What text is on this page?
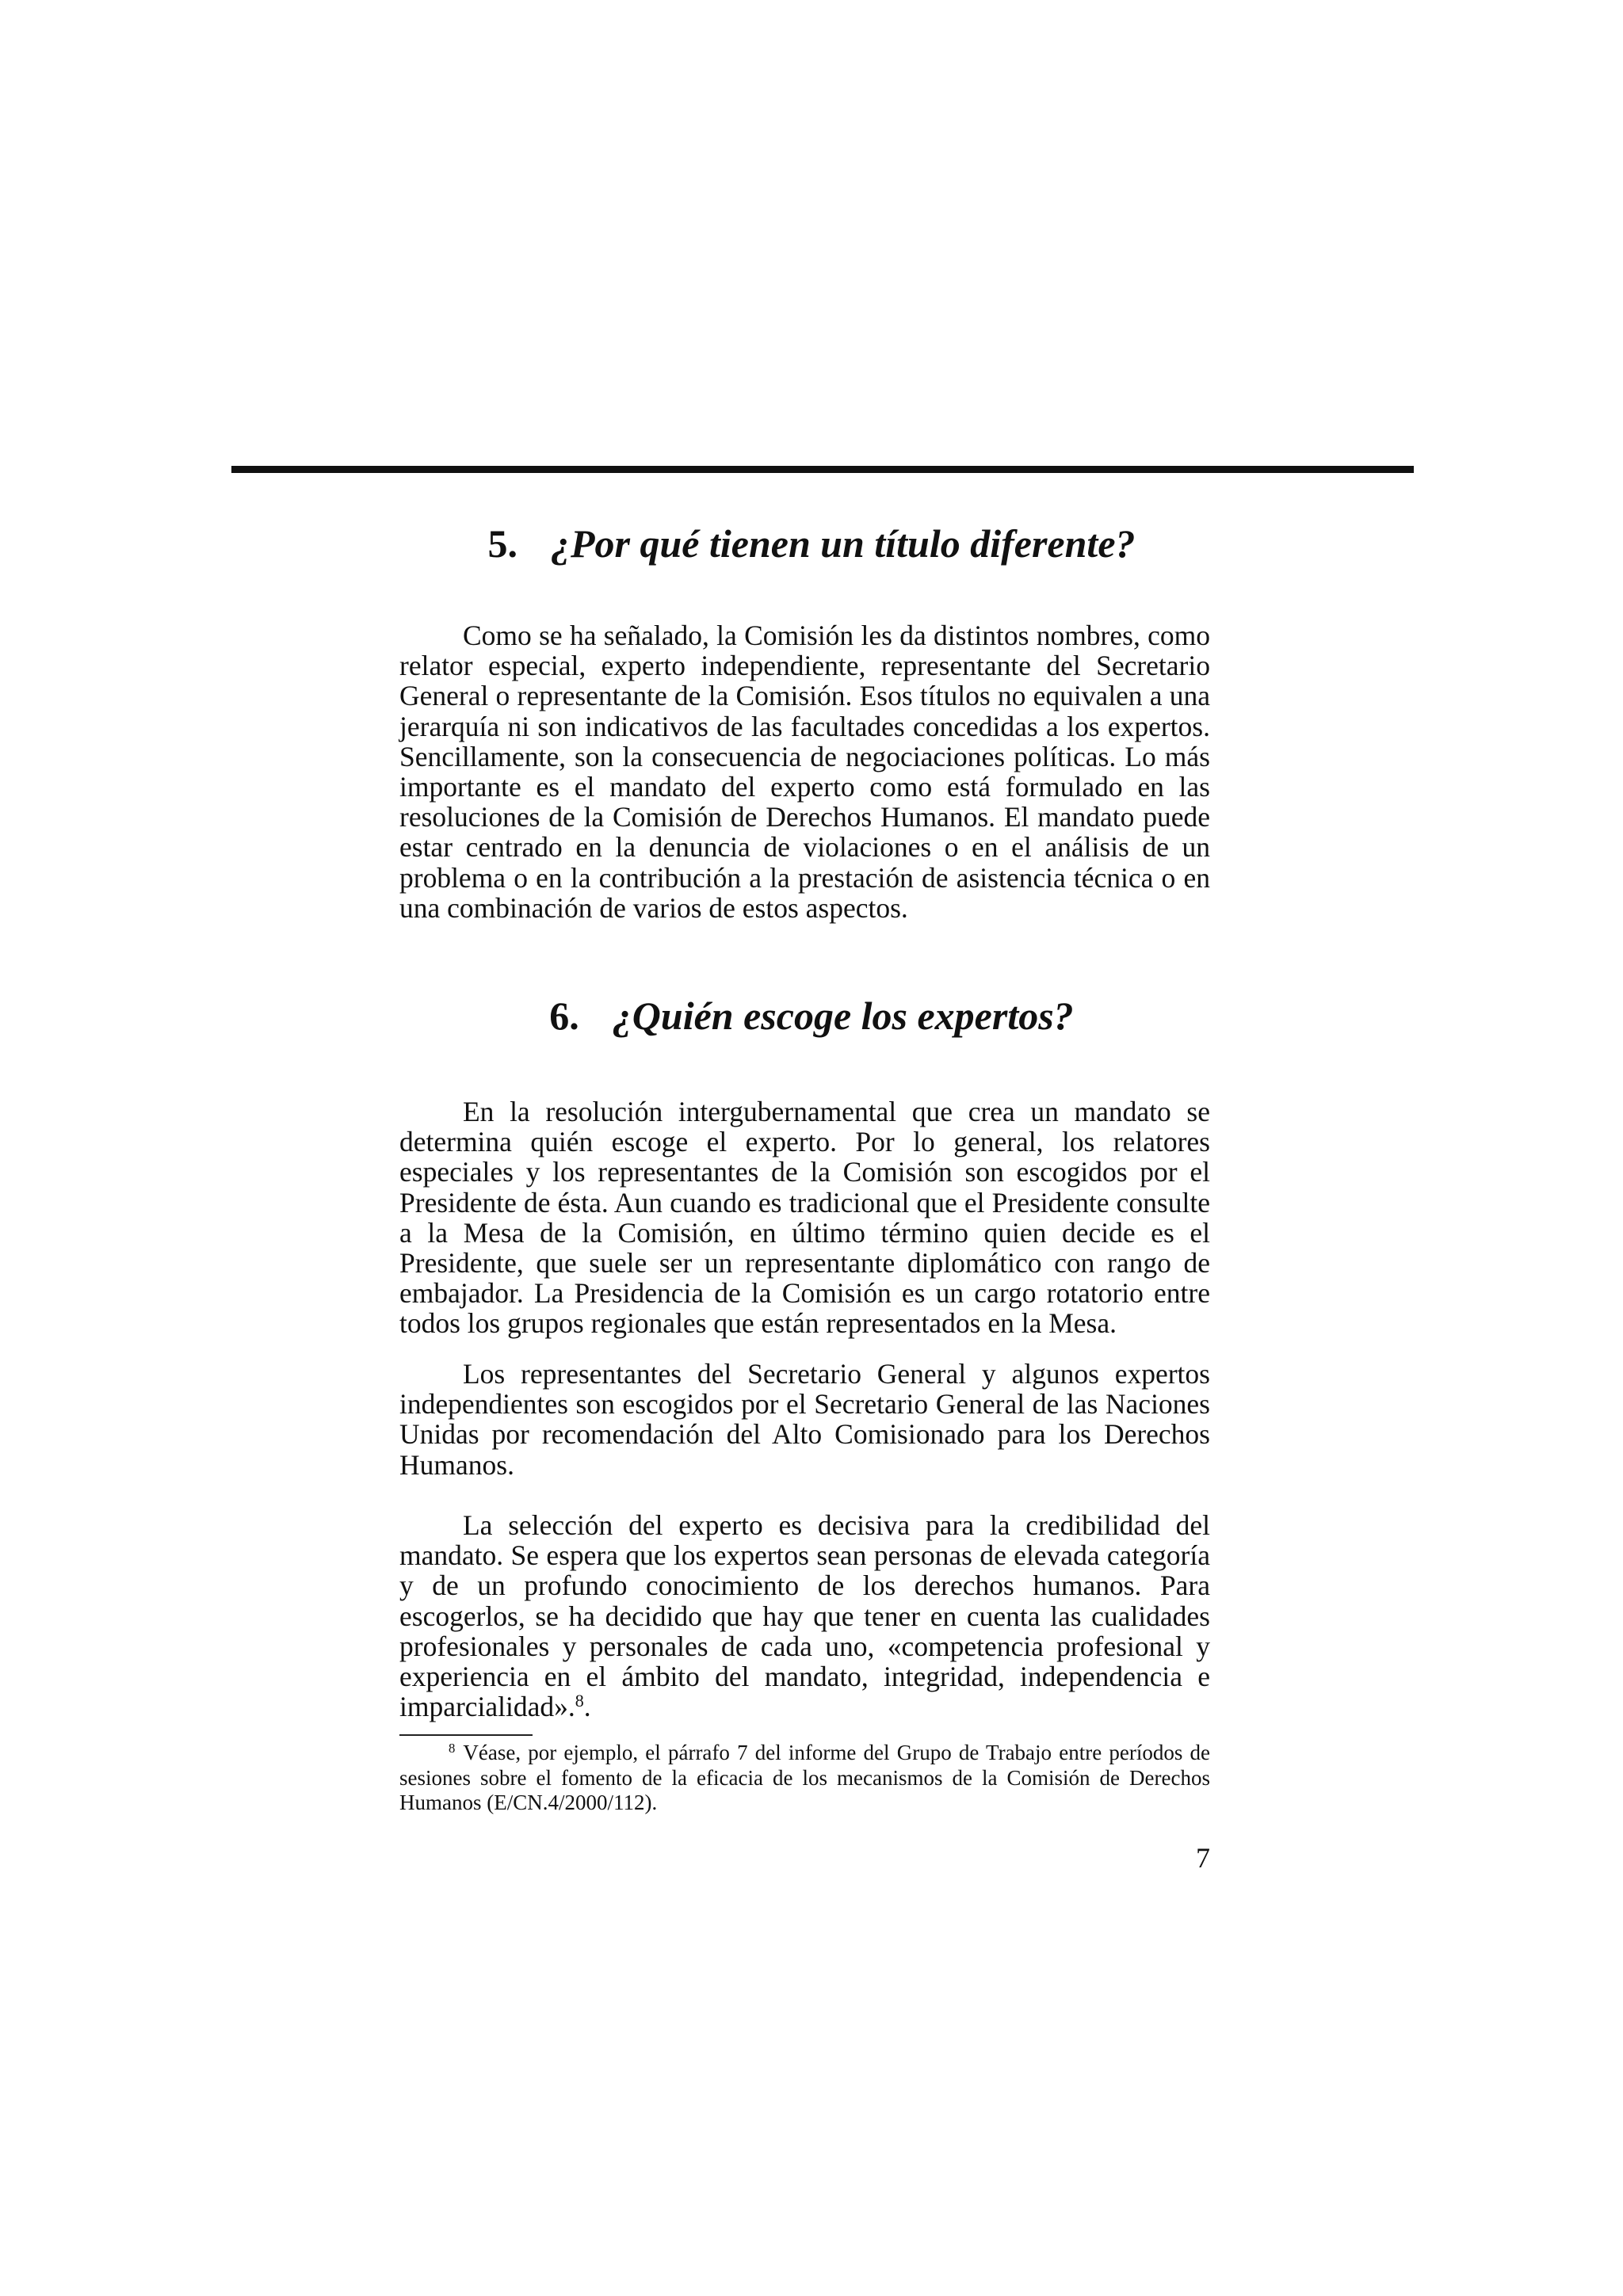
5. ¿Por qué tienen un título diferente?

Como se ha señalado, la Comisión les da distintos nombres, como relator especial, experto independiente, representante del Secretario General o representante de la Comisión. Esos títulos no equivalen a una jerarquía ni son indicativos de las facultades concedidas a los expertos. Sencillamente, son la consecuencia de negociaciones políticas. Lo más importante es el mandato del experto como está formulado en las resoluciones de la Comisión de Derechos Humanos. El mandato puede estar centrado en la denuncia de violaciones o en el análisis de un problema o en la contribución a la prestación de asistencia técnica o en una combinación de varios de estos aspectos.

6. ¿Quién escoge los expertos?

En la resolución intergubernamental que crea un mandato se determina quién escoge el experto. Por lo general, los relatores especiales y los representantes de la Comisión son escogidos por el Presidente de ésta. Aun cuando es tradicional que el Presidente consulte a la Mesa de la Comisión, en último término quien decide es el Presidente, que suele ser un representante diplomático con rango de embajador. La Presidencia de la Comisión es un cargo rotatorio entre todos los grupos regionales que están representados en la Mesa.

Los representantes del Secretario General y algunos expertos independientes son escogidos por el Secretario General de las Naciones Unidas por recomendación del Alto Comisionado para los Derechos Humanos.

La selección del experto es decisiva para la credibilidad del mandato. Se espera que los expertos sean personas de elevada categoría y de un profundo conocimiento de los derechos humanos. Para escogerlos, se ha decidido que hay que tener en cuenta las cualidades profesionales y personales de cada uno, «competencia profesional y experiencia en el ámbito del mandato, integridad, independencia e imparcialidad».$^8$.

$^8$ Véase, por ejemplo, el párrafo 7 del informe del Grupo de Trabajo entre períodos de sesiones sobre el fomento de la eficacia de los mecanismos de la Comisión de Derechos Humanos (E/CN.4/2000/112).

7
